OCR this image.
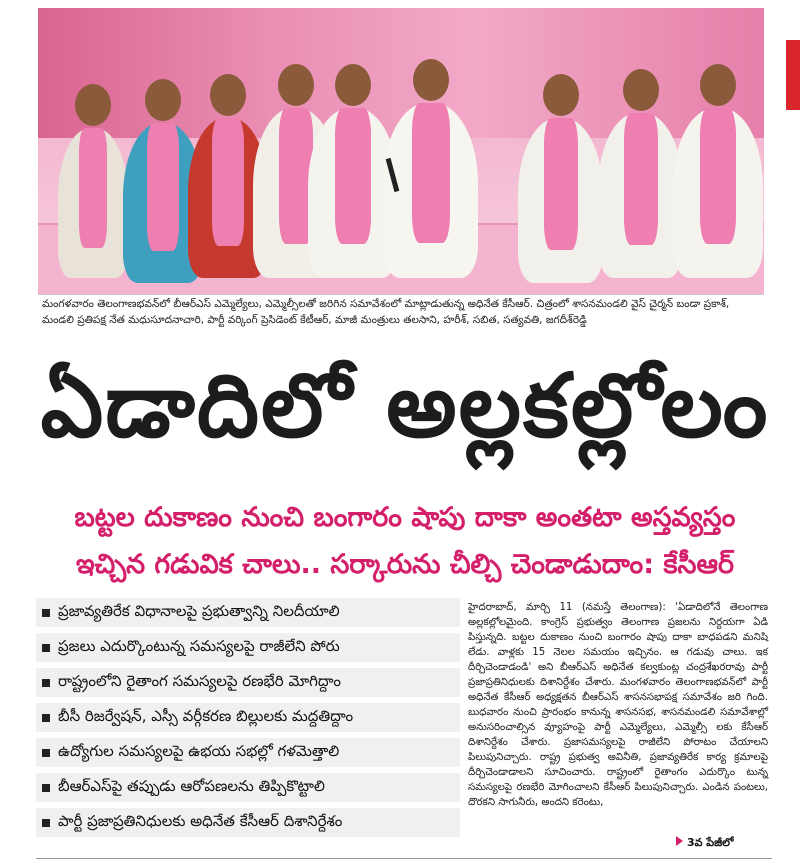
మంగళవారం తెలంగాణభవన్‌లో బీఆర్‌ఎస్ ఎమ్మెల్యేలు, ఎమ్మెల్సీలతో జరిగిన సమావేశంలో మాట్లాడుతున్న అధినేత కేసీఆర్. చిత్రంలో శాసనమండలి వైస్ చైర్మన్ బండా ప్రకాశ్, మండలి ప్రతిపక్ష నేత మధుసూదనాచారి, పార్టీ వర్కింగ్ ప్రెసిడెంట్ కేటీఆర్, మాజీ మంత్రులు తలసాని, హరీశ్, సబిత, సత్యవతి, జగదీశ్‌రెడ్డి
ఏడాదిలో అల్లకల్లోలం
బట్టల దుకాణం నుంచి బంగారం షాపు దాకా అంతటా అస్తవ్యస్తం
ఇచ్చిన గడువిక చాలు.. సర్కారును చీల్చి చెండాడుదాం: కేసీఆర్
ప్రజావ్యతిరేక విధానాలపై ప్రభుత్వాన్ని నిలదీయాలి
ప్రజలు ఎదుర్కొంటున్న సమస్యలపై రాజీలేని పోరు
రాష్ట్రంలోని రైతాంగ సమస్యలపై రణభేరి మోగిద్దాం
బీసీ రిజర్వేషన్, ఎస్సీ వర్గీకరణ బిల్లులకు మద్దతిద్దాం
ఉద్యోగుల సమస్యలపై ఉభయ సభల్లో గళమెత్తాలి
బీఆర్‌ఎస్‌పై తప్పుడు ఆరోపణలను తిప్పికొట్టాలి
పార్టీ ప్రజాప్రతినిధులకు అధినేత కేసీఆర్ దిశానిర్దేశం
హైదరాబాద్, మార్చి 11 (నమస్తే తెలంగాణ): 'ఏడాదిలోనే తెలంగాణ అల్లకల్లోలమైంది. కాంగ్రెస్ ప్రభుత్వం తెలంగాణ ప్రజలను నిర్దయగా ఏడి పిస్తున్నది. బట్టల దుకాణం నుంచి బంగారం షాపు దాకా బాధపడని మనిషి లేడు. వాళ్లకు 15 నెలల సమయం ఇచ్చినం. ఆ గడువు చాలు. ఇక దీర్చిచెండాడండి' అని బీఆర్‌ఎస్ అధినేత కల్వకుంట్ల చంద్రశేఖరరావు పార్టీ ప్రజాప్రతినిధులకు దిశానిర్దేశం చేశారు. మంగళవారం తెలంగాణభవన్‌లో పార్టీ అధినేత కేసీఆర్ అధ్యక్షతన బీఆర్‌ఎస్ శాసనసభాపక్ష సమావేశం జరి గింది. బుధవారం నుంచి ప్రారంభం కానున్న శాసనసభ, శాసనమండలి సమావేశాల్లో అనుసరించాల్సిన వ్యూహంపై పార్టీ ఎమ్మెల్యేలు, ఎమ్మెల్సీ లకు కేసీఆర్ దిశానిర్దేశం చేశారు. ప్రజాసమస్యలపై రాజీలేని పోరాటం చేయాలని పిలుపునిచ్చారు. రాష్ట్ర ప్రభుత్వ అవినీతి, ప్రజావ్యతిరేక కార్య క్రమాలపై దీర్చిచెండాడాలని సూచించారు. రాష్ట్రంలో రైతాంగం ఎదుర్కొం టున్న సమస్యలపై రణభేరి మోగించాలని కేసీఆర్ పిలుపునిచ్చారు. ఎండిన పంటలు, దొరకని సాగునీరు, అందని కరెంటు,
3వ పేజీలో
